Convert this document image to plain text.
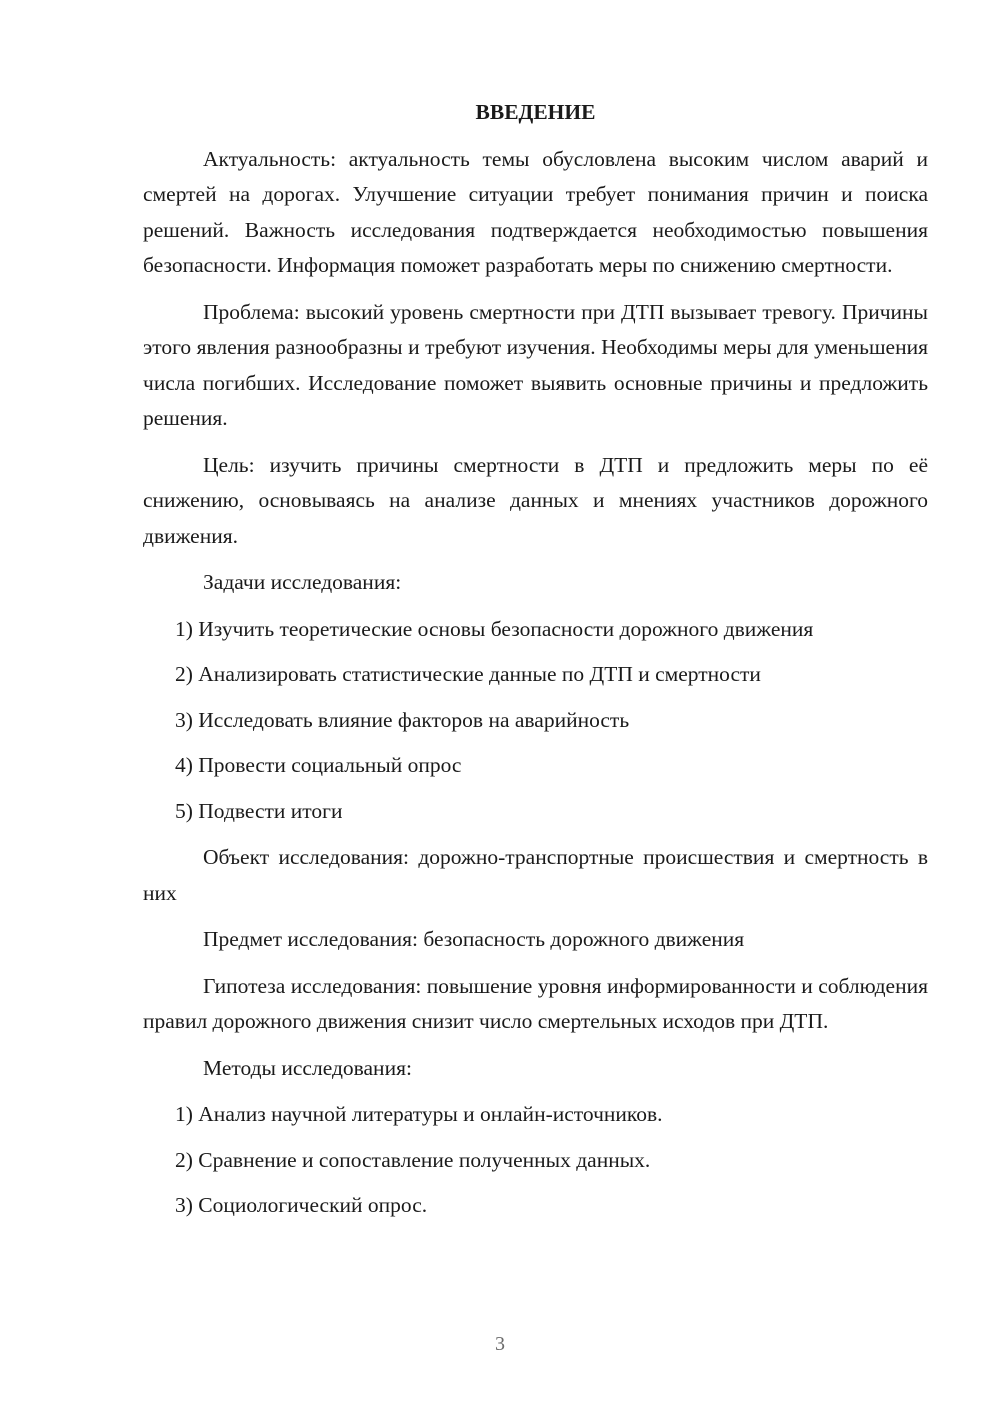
ВВЕДЕНИЕ

Актуальность: актуальность темы обусловлена высоким числом аварий и смертей на дорогах. Улучшение ситуации требует понимания причин и поиска решений. Важность исследования подтверждается необходимостью повышения безопасности. Информация поможет разработать меры по снижению смертности.

Проблема: высокий уровень смертности при ДТП вызывает тревогу. Причины этого явления разнообразны и требуют изучения. Необходимы меры для уменьшения числа погибших. Исследование поможет выявить основные причины и предложить решения.

Цель: изучить причины смертности в ДТП и предложить меры по её снижению, основываясь на анализе данных и мнениях участников дорожного движения.

Задачи исследования:
1) Изучить теоретические основы безопасности дорожного движения
2) Анализировать статистические данные по ДТП и смертности
3) Исследовать влияние факторов на аварийность
4) Провести социальный опрос
5) Подвести итоги

Объект исследования: дорожно-транспортные происшествия и смертность в них

Предмет исследования: безопасность дорожного движения

Гипотеза исследования: повышение уровня информированности и соблюдения правил дорожного движения снизит число смертельных исходов при ДТП.

Методы исследования:
1) Анализ научной литературы и онлайн-источников.
2) Сравнение и сопоставление полученных данных.
3) Социологический опрос.
3
